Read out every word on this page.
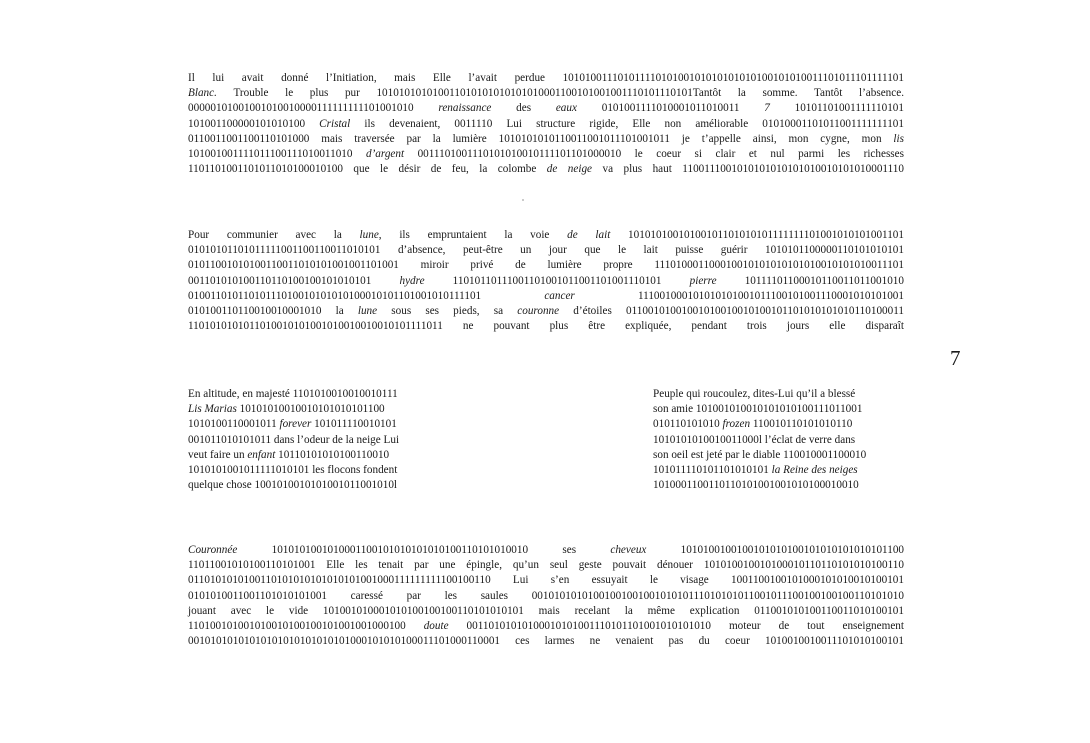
Il lui avait donné l’Initiation, mais Elle l’avait perdue 10101001110101111010100101010101010100101010011101011101111101
Blanc. Trouble le plus pur 101010101010011010101010101010001100101001001110101110101Tantôt la somme. Tantôt l’absence.
00000101001001010010000111111111101001010 renaissance des eaux 0101001111010001011010011 7 10101101001111110101
101001100000101010100 Cristal ils devenaient, 0011110 Lui structure rigide, Elle non améliorable 01010001101011001111111101
0110011001100110101000 mais traversée par la lumière 1010101010110011001011101001011 je t’appelle ainsi, mon cygne, mon lis
101001001111011100111010011010 d’argent 0011101001110101010010111101101000010 le coeur si clair et nul parmi les richesses
1101101001101011010100010100 que le désir de feu, la colombe de neige va plus haut 1100111001010101010101010010101010001110
Pour communier avec la lune, ils empruntaient la voie de lait 10101010010100101101010101111111101001010101001101
01010101101011111001100110011010101 d’absence, peut-être un jour que le lait puisse guérir 1010101100000110101010101
01011001010100110011010101001001101001 miroir privé de lumière propre 111010001100010010101010101010010101010011101
001101010100110110100100101010101 hydre 11010110111001101001011001101001110101 pierre 10111101100010110011011001010
01001101011010111010010101010100010101101001010111101 cancer 111001000101010101001011100101001110001010101001
010100110110010010001010 la lune sous ses pieds, sa couronne d’étoiles 01100101001001010010010100101101010101010110100011
1101010101011010010101001010010010010101111011 ne pouvant plus être expliquée, pendant trois jours elle disparaît
7
En altitude, en majesté 1101010010010010111
Lis Marias 10101010010010101010101100
1010100110001011 forever 101011110010101
001011010101011 dans l’odeur de la neige Lui
veut faire un enfant 10110101010100110010
1010101001011111010101 les flocons fondent
quelque chose 1001010010101001011001010l
Peuple qui roucoulez, dites-Lui qu’il a blessé
son amie 101001010010101010100111011001
010110101010 frozen 110010110101010110
1010101010010011000l l’éclat de verre dans
son oeil est jeté par le diable 110010001100010
101011110101101010101 la Reine des neiges
1010001100110110101001001010100010010
Couronnée 1010101001010001100101010101010100110101010010 ses cheveux 1010100100100101010100101010101010101100
11011001010100110101001 Elle les tenait par une épingle, qu’un seul geste pouvait dénouer 101010010010100010110110101010100110
0110101010100110101010101010101001000111111111100100110 Lui s’en essuyait le visage 1001100100101000101010010100101
0101010011001101010101001 caressé par les saules 0010101010100100100100101010111010101011001011100100100100110101010
jouant avec le vide 101001010001010100100100110101010101 mais recelant la même explication 011001010100110011010100101
110100101001010010100100101001001000100 doute 00110101010100010101001110101101001010101010 moteur de tout enseignement
00101010101010101010101010101000101010100011101000110001 ces larmes ne venaient pas du coeur 1010010010011101010100101
